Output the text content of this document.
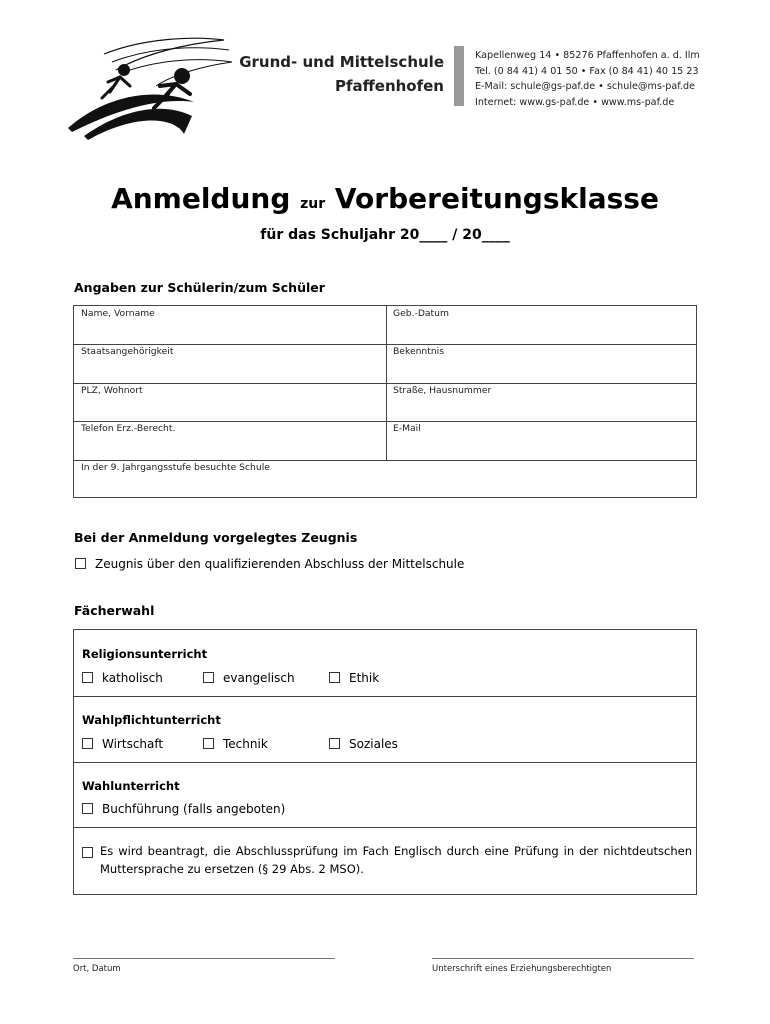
Grund- und Mittelschule
Pfaffenhofen
Kapellenweg 14 • 85276 Pfaffenhofen a. d. Ilm
Tel. (0 84 41) 4 01 50 • Fax (0 84 41) 40 15 23
E-Mail: schule@gs-paf.de • schule@ms-paf.de
Internet: www.gs-paf.de • www.ms-paf.de
Anmeldung zur Vorbereitungsklasse
für das Schuljahr 20____ / 20____
Angaben zur Schülerin/zum Schüler
Name, Vorname	Geb.-Datum
Staatsangehörigkeit	Bekenntnis
PLZ, Wohnort	Straße, Hausnummer
Telefon Erz.-Berecht.	E-Mail
In der 9. Jahrgangsstufe besuchte Schule
Bei der Anmeldung vorgelegtes Zeugnis
Zeugnis über den qualifizierenden Abschluss der Mittelschule
Fächerwahl
Religionsunterricht
katholisch	evangelisch	Ethik
Wahlpflichtunterricht
Wirtschaft	Technik	Soziales
Wahlunterricht
Buchführung (falls angeboten)
Es wird beantragt, die Abschlussprüfung im Fach Englisch durch eine Prüfung in der nichtdeutschen Muttersprache zu ersetzen (§ 29 Abs. 2 MSO).
Ort, Datum	Unterschrift eines Erziehungsberechtigten
